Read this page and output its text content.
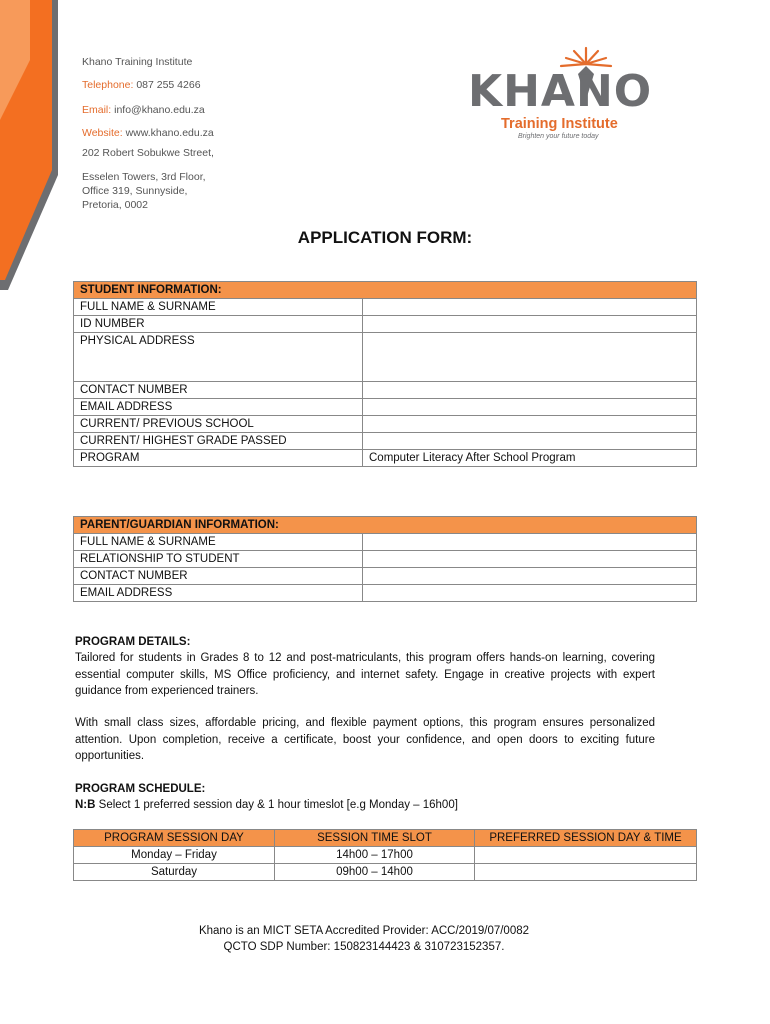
Khano Training Institute
Telephone: 087 255 4266
Email: info@khano.edu.za
Website: www.khano.edu.za
202 Robert Sobukwe Street,
Esselen Towers, 3rd Floor,
Office 319, Sunnyside,
Pretoria, 0002
KHANO
Training Institute
Brighten your future today
APPLICATION FORM:
STUDENT INFORMATION:	
FULL NAME & SURNAME	
ID NUMBER	
PHYSICAL ADDRESS	
CONTACT NUMBER	
EMAIL ADDRESS	
CURRENT/ PREVIOUS SCHOOL	
CURRENT/ HIGHEST GRADE PASSED	
PROGRAM	Computer Literacy After School Program
PARENT/GUARDIAN INFORMATION:	
FULL NAME & SURNAME	
RELATIONSHIP TO STUDENT	
CONTACT NUMBER	
EMAIL ADDRESS	
PROGRAM DETAILS:
Tailored for students in Grades 8 to 12 and post-matriculants, this program offers hands-on learning, covering essential computer skills, MS Office proficiency, and internet safety. Engage in creative projects with expert guidance from experienced trainers.
With small class sizes, affordable pricing, and flexible payment options, this program ensures personalized attention. Upon completion, receive a certificate, boost your confidence, and open doors to exciting future opportunities.
PROGRAM SCHEDULE:
N:B Select 1 preferred session day & 1 hour timeslot [e.g Monday – 16h00]
PROGRAM SESSION DAY	SESSION TIME SLOT	PREFERRED SESSION DAY & TIME
Monday – Friday	14h00 – 17h00	
Saturday	09h00 – 14h00	
Khano is an MICT SETA Accredited Provider: ACC/2019/07/0082
QCTO SDP Number: 150823144423 & 310723152357.
